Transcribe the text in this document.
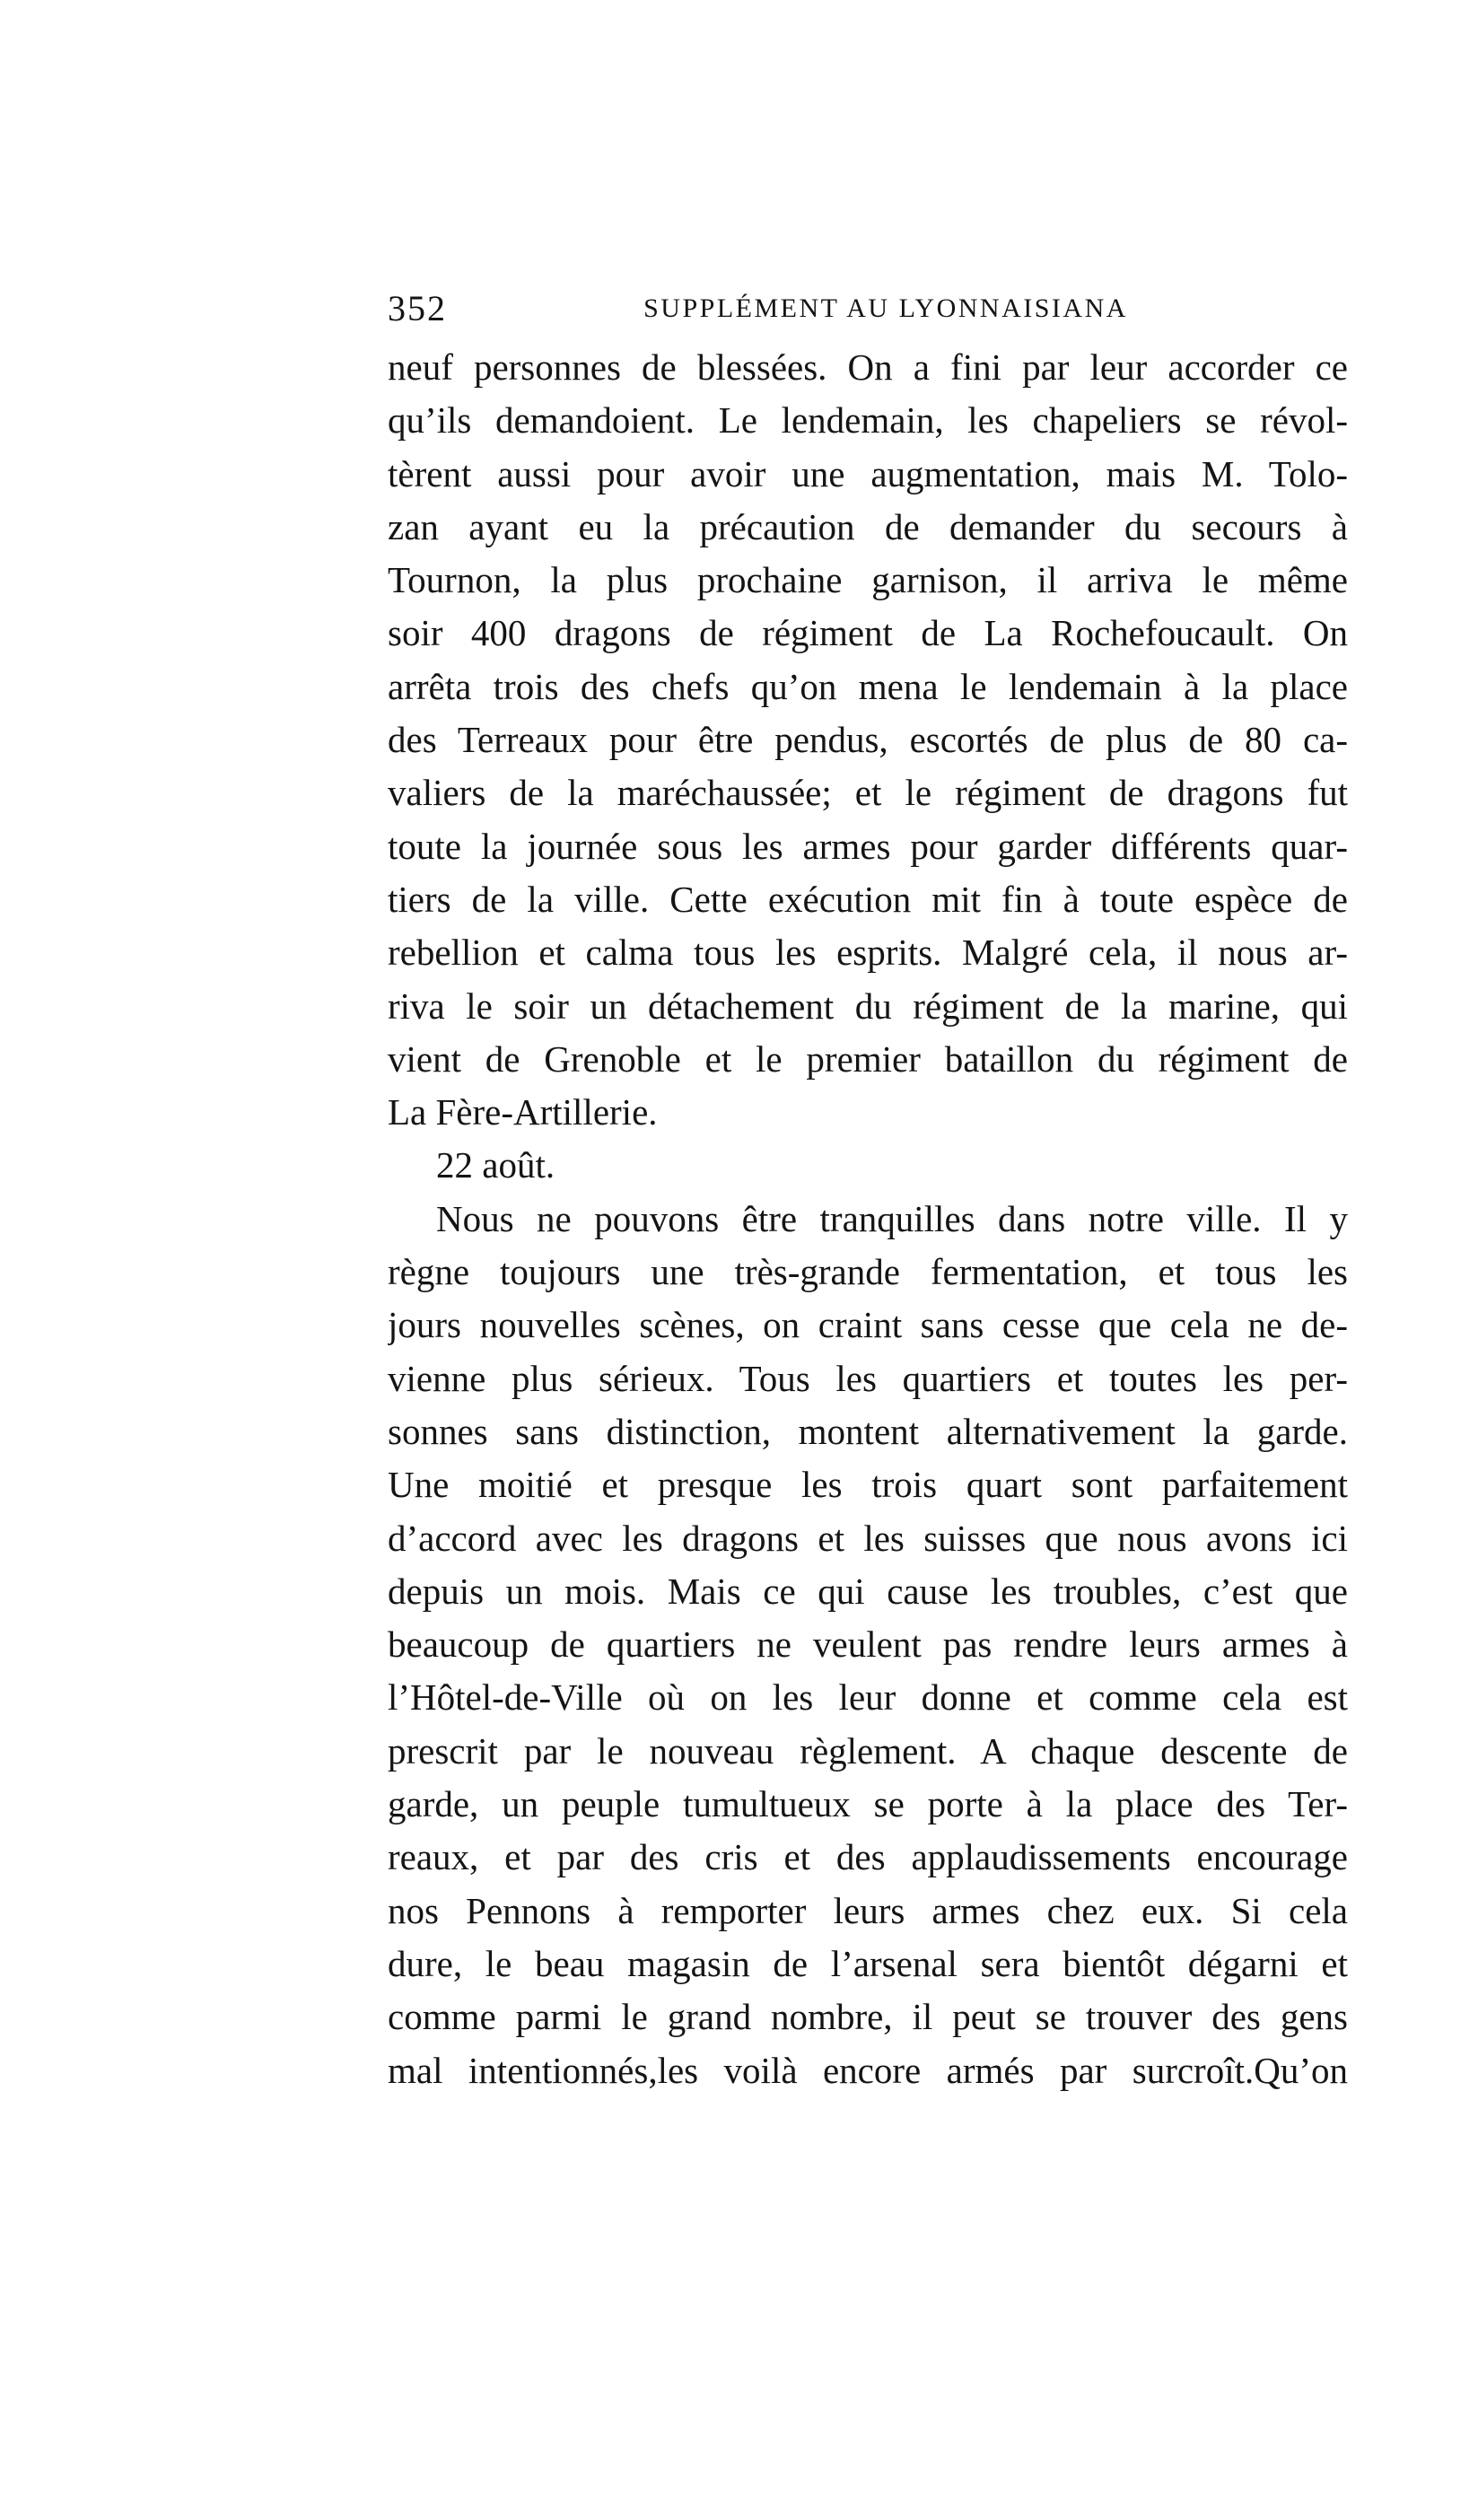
352	SUPPLÉMENT AU LYONNAISIANA
neuf personnes de blessées. On a fini par leur accorder ce
qu’ils demandoient. Le lendemain, les chapeliers se révol-
tèrent aussi pour avoir une augmentation, mais M. Tolo-
zan ayant eu la précaution de demander du secours à
Tournon, la plus prochaine garnison, il arriva le même
soir 400 dragons de régiment de La Rochefoucault. On
arrêta trois des chefs qu’on mena le lendemain à la place
des Terreaux pour être pendus, escortés de plus de 80 ca-
valiers de la maréchaussée; et le régiment de dragons fut
toute la journée sous les armes pour garder différents quar-
tiers de la ville. Cette exécution mit fin à toute espèce de
rebellion et calma tous les esprits. Malgré cela, il nous ar-
riva le soir un détachement du régiment de la marine, qui
vient de Grenoble et le premier bataillon du régiment de
La Fère-Artillerie.
22 août.
Nous ne pouvons être tranquilles dans notre ville. Il y
règne toujours une très-grande fermentation, et tous les
jours nouvelles scènes, on craint sans cesse que cela ne de-
vienne plus sérieux. Tous les quartiers et toutes les per-
sonnes sans distinction, montent alternativement la garde.
Une moitié et presque les trois quart sont parfaitement
d’accord avec les dragons et les suisses que nous avons ici
depuis un mois. Mais ce qui cause les troubles, c’est que
beaucoup de quartiers ne veulent pas rendre leurs armes à
l’Hôtel-de-Ville où on les leur donne et comme cela est
prescrit par le nouveau règlement. A chaque descente de
garde, un peuple tumultueux se porte à la place des Ter-
reaux, et par des cris et des applaudissements encourage
nos Pennons à remporter leurs armes chez eux. Si cela
dure, le beau magasin de l’arsenal sera bientôt dégarni et
comme parmi le grand nombre, il peut se trouver des gens
mal intentionnés,les voilà encore armés par surcroît.Qu’on
